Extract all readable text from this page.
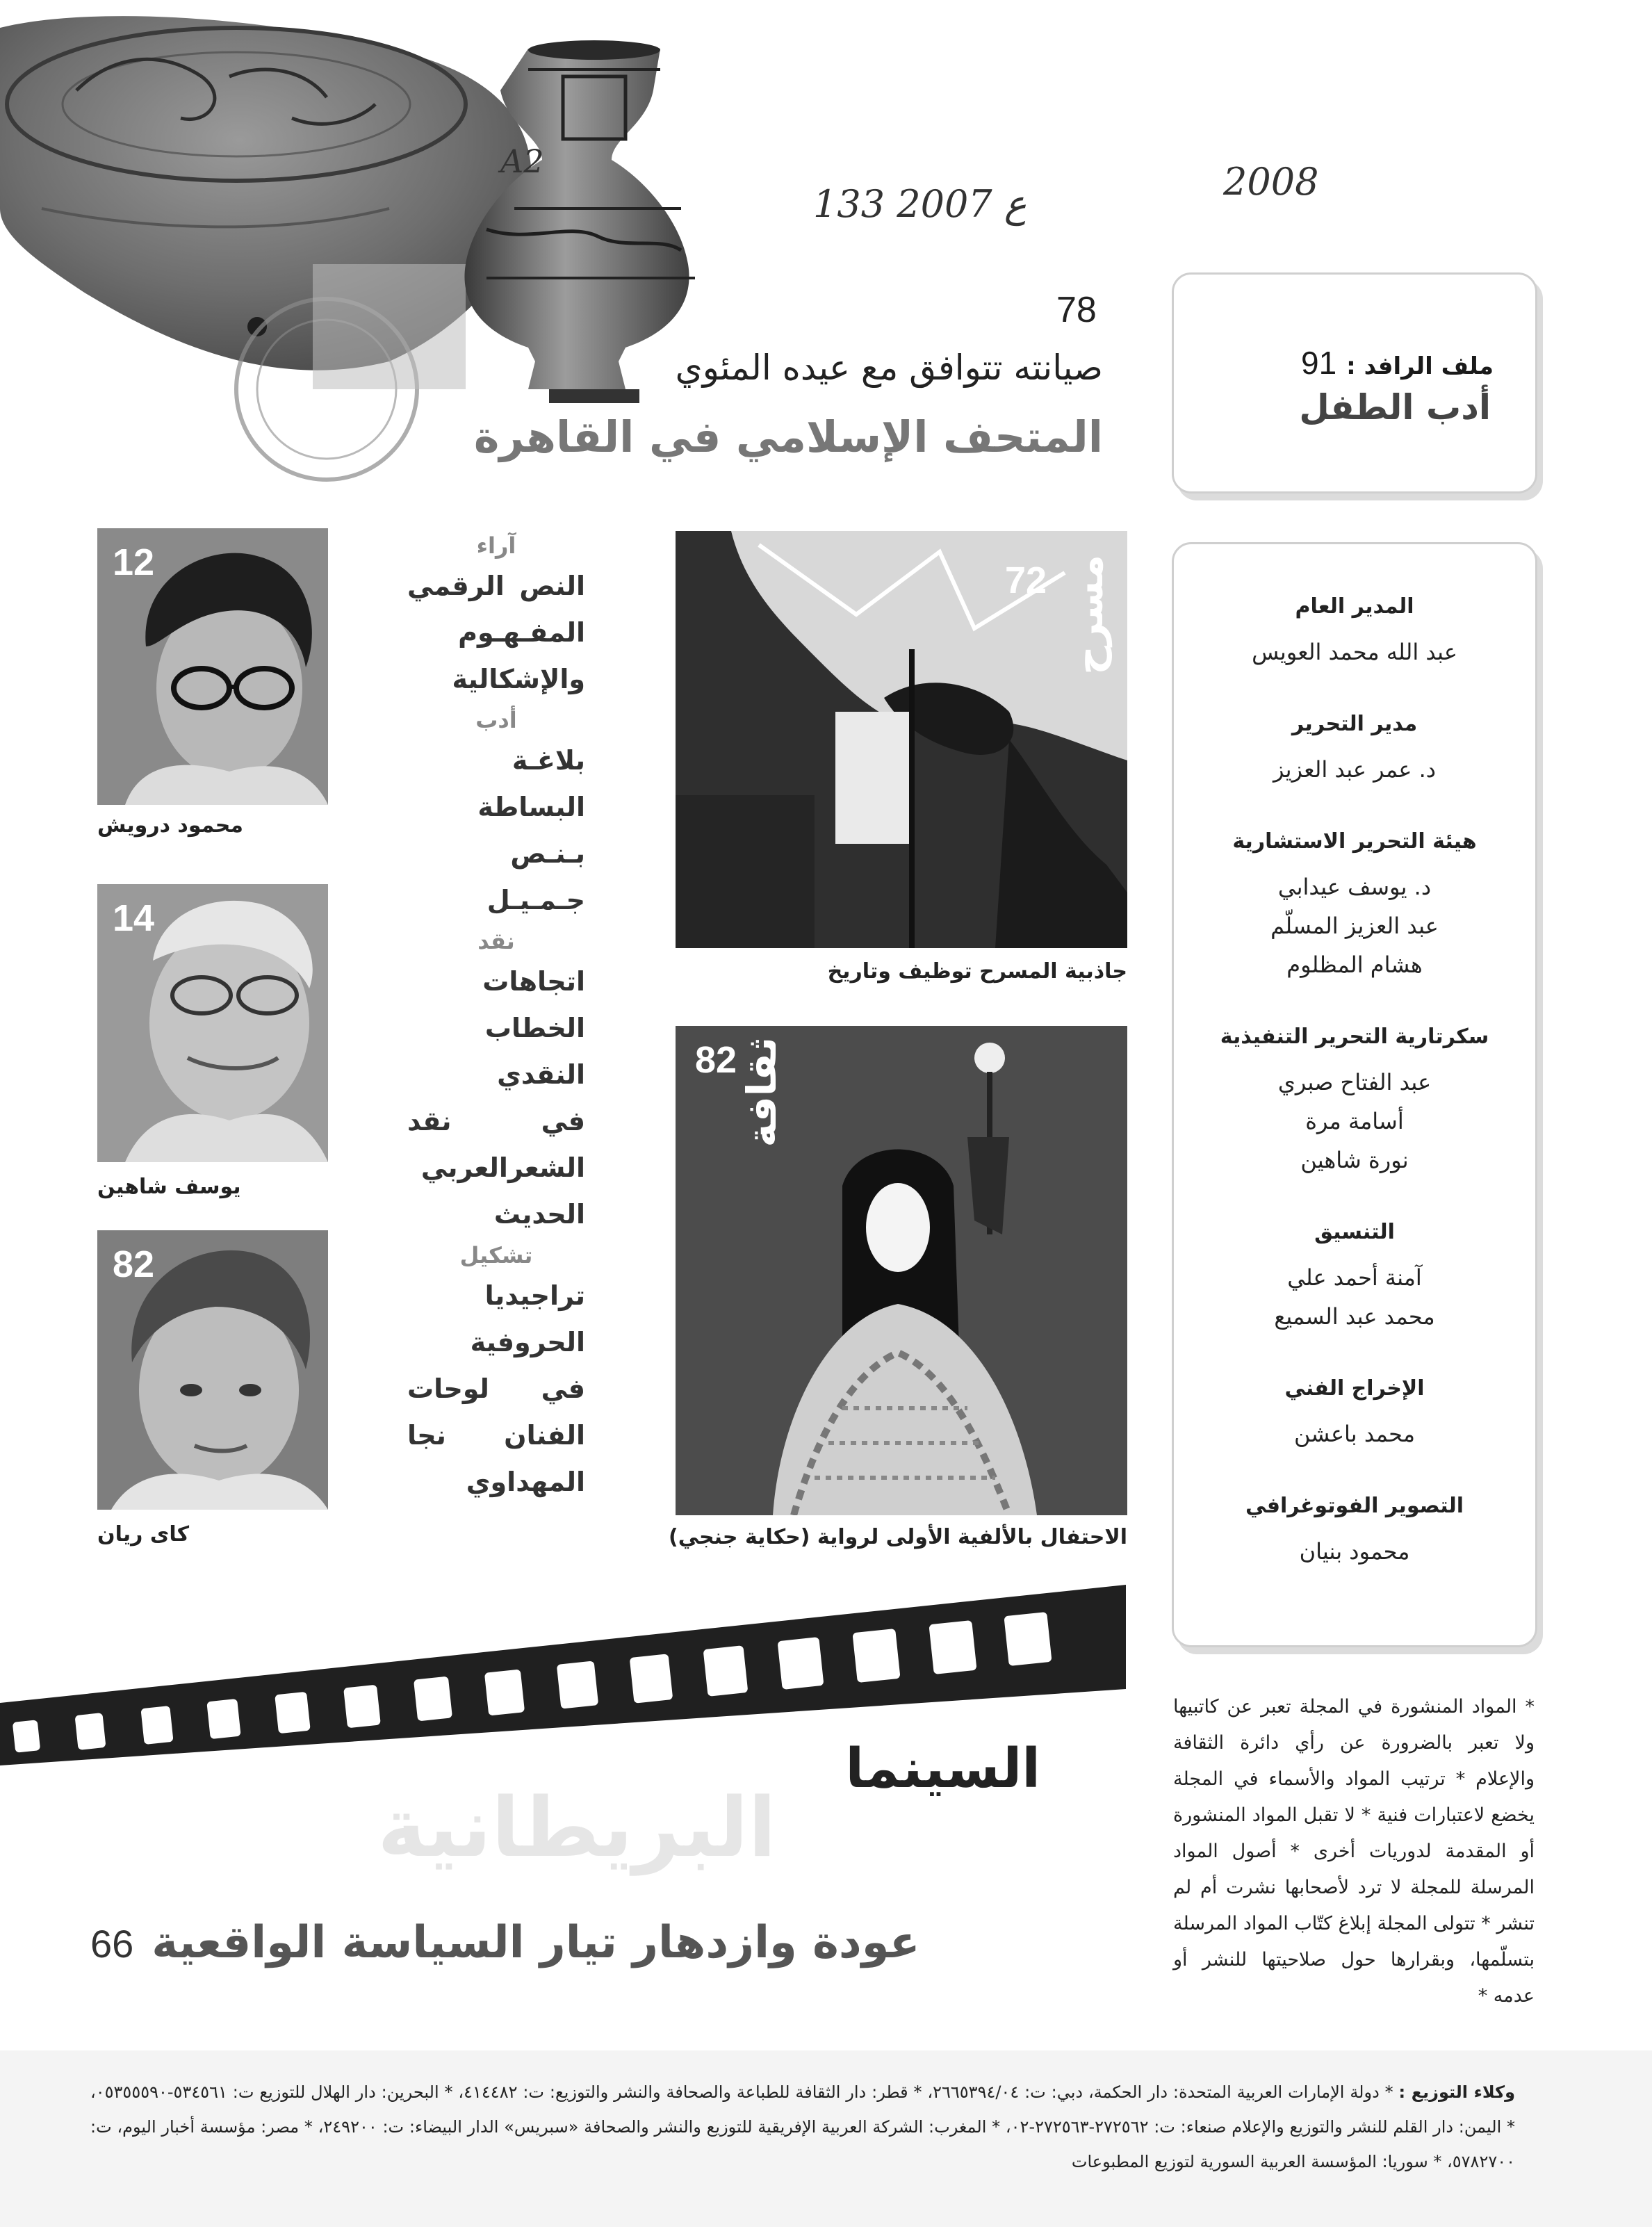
A2
133 ع 2007
2008
78
صيانته تتوافق مع عيده المئوي
المتحف الإسلامي في القاهرة
ملف الرافد :
91
أدب الطفل
المدير العام
عبد الله محمد العويس
مدير التحرير
د. عمر عبد العزيز
هيئة التحرير الاستشارية
د. يوسف عيدابي
عبد العزيز المسلّم
هشام المظلوم
سكرتارية التحرير التنفيذية
عبد الفتاح صبري
أسامة مرة
نورة شاهين
التنسيق
آمنة أحمد علي
محمد عبد السميع
الإخراج الفني
محمد باعشن
التصوير الفوتوغرافي
محمود بنيان
72 مسرح
جاذبية المسرح توظيف وتاريخ
82 ثقافة
الاحتفال بالألفية الأولى لرواية (حكاية جنجي)
12
محمود درويش
14
يوسف شاهين
82
كاى ريان
آراء
النص الرقمي
المفـهـوم
والإشكالية
أدب
بلاغـة
البساطة
بـنـص
جـمـيـل
نقد
اتجاهات
الخطاب
النقدي
في نقد
الشعرالعربي
الحديث
تشكيل
تراجيديا
الحروفية
في لوحات
الفنان نجا
المهداوي
البريطانية
السينما
66 عودة وازدهار تيار السياسة الواقعية
* المواد المنشورة في المجلة تعبر عن كاتبيها ولا تعبر بالضرورة عن رأي دائرة الثقافة والإعلام * ترتيب المواد والأسماء في المجلة يخضع لاعتبارات فنية * لا تقبل المواد المنشورة أو المقدمة لدوريات أخرى * أصول المواد المرسلة للمجلة لا ترد لأصحابها نشرت أم لم تنشر * تتولى المجلة إبلاغ كتّاب المواد المرسلة بتسلّمها، وبقرارها حول صلاحيتها للنشر أو عدمه *
وكلاء التوزيع : * دولة الإمارات العربية المتحدة: دار الحكمة، دبي: ت: ٢٦٦٥٣٩٤/٠٤، * قطر: دار الثقافة للطباعة والصحافة والنشر والتوزيع: ت: ٤١٤٤٨٢، * البحرين: دار الهلال للتوزيع ت: ٥٣٤٥٦١-٠٥٣٥٥٥٩٠، * اليمن: دار القلم للنشر والتوزيع والإعلام صنعاء: ت: ٢٧٢٥٦٢-٢٧٢٥٦٣-٠٢، * المغرب: الشركة العربية الإفريقية للتوزيع والنشر والصحافة «سبريس» الدار البيضاء: ت: ٢٤٩٢٠٠، * مصر: مؤسسة أخبار اليوم، ت: ٥٧٨٢٧٠٠، * سوريا: المؤسسة العربية السورية لتوزيع المطبوعات
